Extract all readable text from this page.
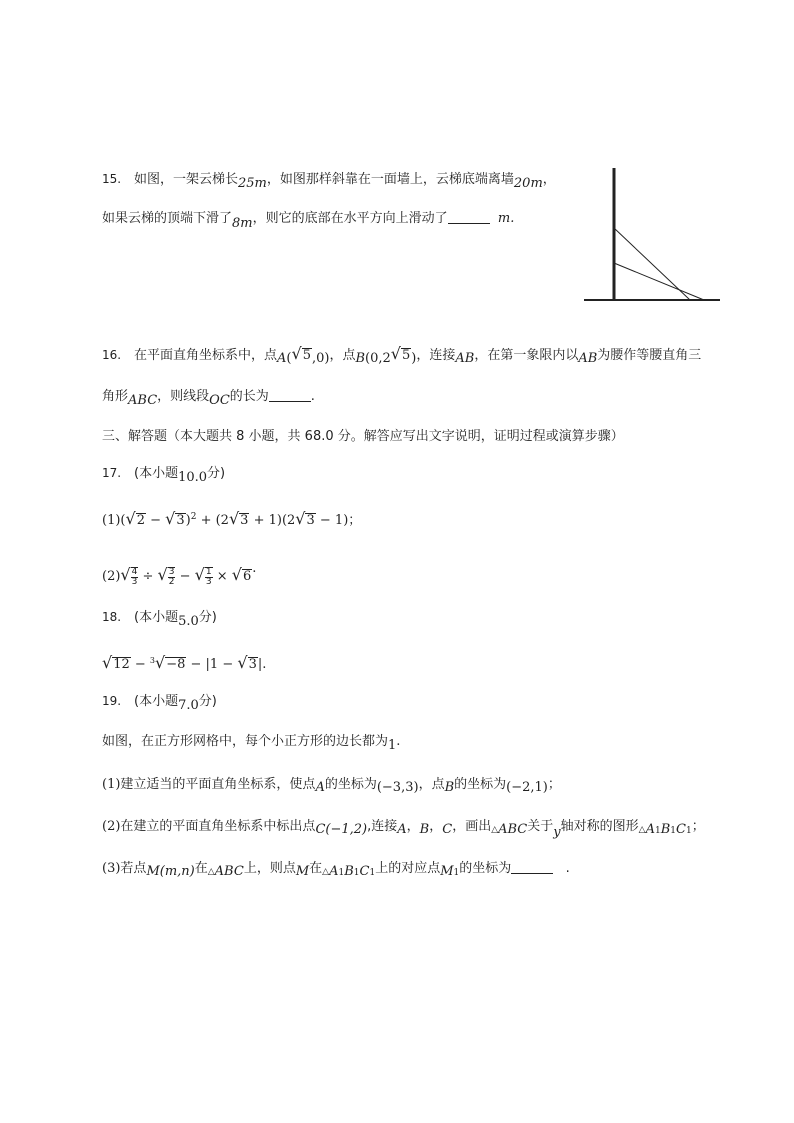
15. 如图，一架云梯长25m，如图那样斜靠在一面墙上，云梯底端离墙20m，
如果云梯的顶端下滑了8m，则它的底部在水平方向上滑动了	m.
16. 在平面直角坐标系中，点A(√5,0)，点B(0,2√5)，连接AB，在第一象限内以AB为腰作等腰直角三
角形ABC，则线段OC的长为	.
三、解答题（本大题共 8 小题，共 68.0 分。解答应写出文字说明，证明过程或演算步骤）
17. (本小题10.0分)
$(1)(√2 - √3)^2 + (2√3 + 1)(2√3 - 1)$；
$(2)√ \frac{4}{3}$ ÷ √ $\frac{3}{2}$ − √ $\frac{1}{3} \times √6$.
18. (本小题5.0分)
√12 − $^3$√−8 − |1 − √3|.
19. (本小题7.0分)
如图，在正方形网格中，每个小正方形的边长都为1.
(1)建立适当的平面直角坐标系，使点A的坐标为(−3,3)，点B的坐标为(−2,1)；
(2)在建立的平面直角坐标系中标出点C(−1,2),连接A，B，C，画出△ABC关于y轴对称的图形$\triangle A_1B_1C_1$；
(3)若点M(m,n)在△ABC上，则点M在$\triangle A_1B_1C_1$上的对应点$M_1$的坐标为	.
